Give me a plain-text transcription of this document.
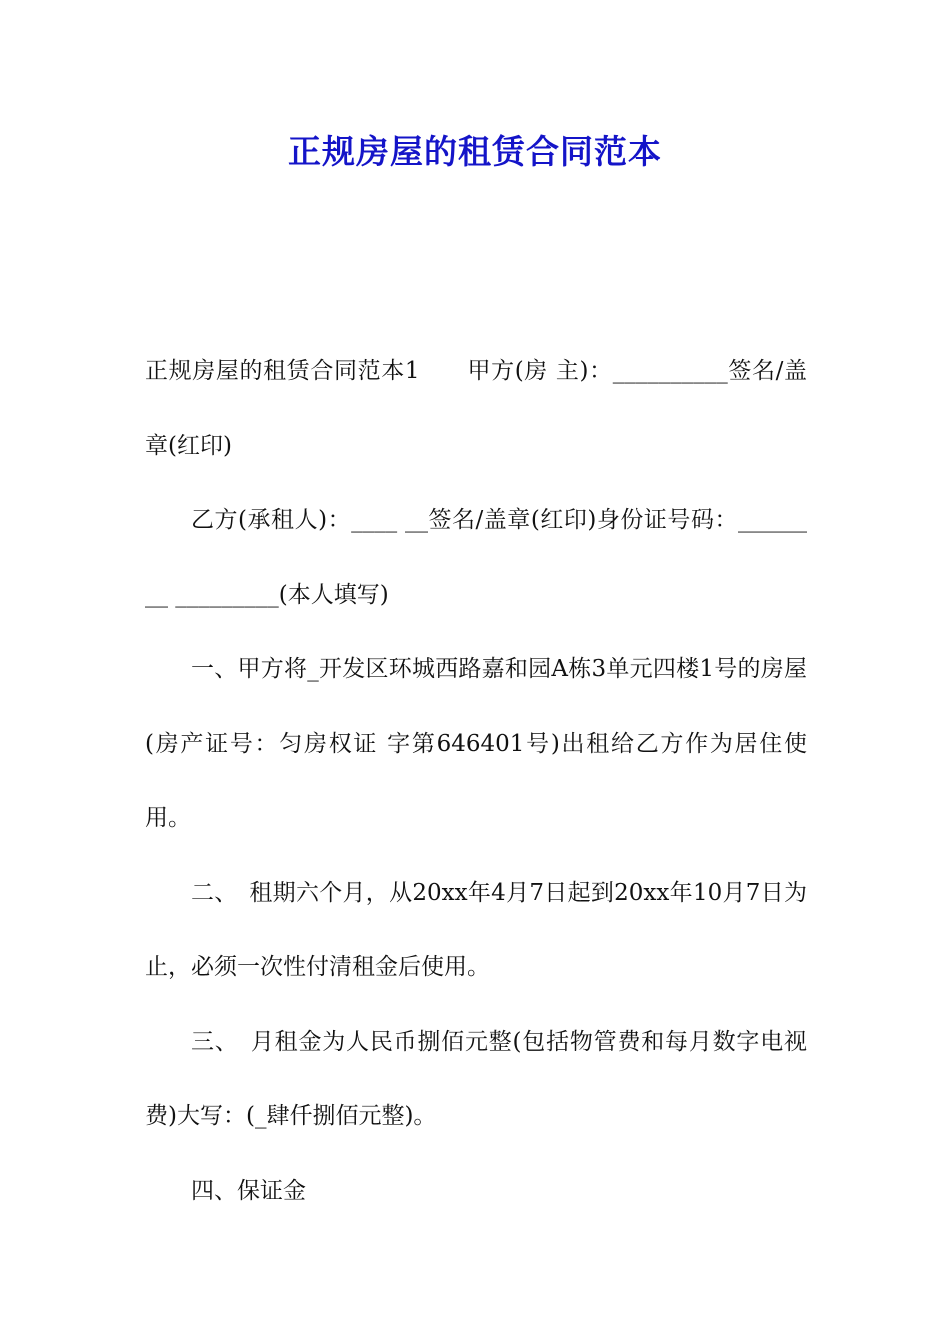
正规房屋的租赁合同范本

正规房屋的租赁合同范本1　　甲方(房 主)：__________签名/盖章(红印)

乙方(承租人)：____ __签名/盖章(红印)身份证号码：______ __ _________(本人填写)

一、甲方将_开发区环城西路嘉和园A栋3单元四楼1号的房屋(房产证号：匀房权证 字第646401号)出租给乙方作为居住使用。

二、　租期六个月，从20xx年4月7日起到20xx年10月7日为止，必须一次性付清租金后使用。

三、　月租金为人民币捌佰元整(包括物管费和每月数字电视费)大写：(_肆仟捌佰元整)。

四、保证金
